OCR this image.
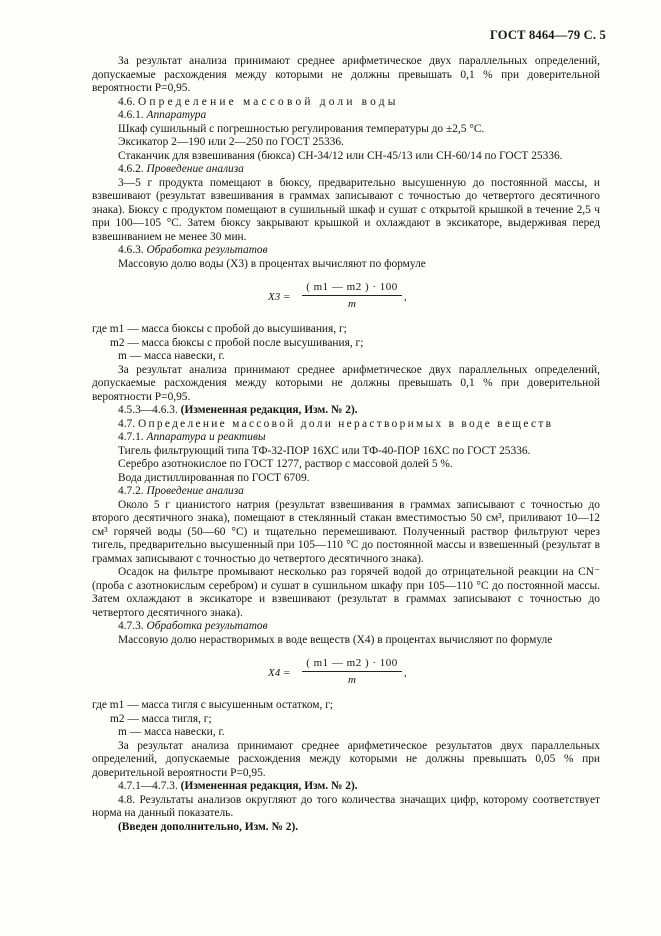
ГОСТ 8464—79 С. 5

За результат анализа принимают среднее арифметическое двух параллельных определений, допускаемые расхождения между которыми не должны превышать 0,1 % при доверительной вероятности P=0,95.

4.6. Определение массовой доли воды

4.6.1. Аппаратура

Шкаф сушильный с погрешностью регулирования температуры до ±2,5 °С.

Эксикатор 2—190 или 2—250 по ГОСТ 25336.

Стаканчик для взвешивания (бюкса) СН-34/12 или СН-45/13 или СН-60/14 по ГОСТ 25336.

4.6.2. Проведение анализа

3—5 г продукта помещают в бюксу, предварительно высушенную до постоянной массы, и взвешивают (результат взвешивания в граммах записывают с точностью до четвертого десятичного знака). Бюксу с продуктом помещают в сушильный шкаф и сушат с открытой крышкой в течение 2,5 ч при 100—105 °С. Затем бюксу закрывают крышкой и охлаждают в эксикаторе, выдерживая перед взвешиванием не менее 30 мин.

4.6.3. Обработка результатов

Массовую долю воды (X3) в процентах вычисляют по формуле

X3 =
( m1 — m2 ) · 100
m
,

где m1 — масса бюксы с пробой до высушивания, г;

m2 — масса бюксы с пробой после высушивания, г;

m — масса навески, г.

За результат анализа принимают среднее арифметическое двух параллельных определений, допускаемые расхождения между которыми не должны превышать 0,1 % при доверительной вероятности P=0,95.

4.5.3—4.6.3. (Измененная редакция, Изм. № 2).

4.7. Определение массовой доли нерастворимых в воде веществ

4.7.1. Аппаратура и реактивы

Тигель фильтрующий типа ТФ-32-ПОР 16ХС или ТФ-40-ПОР 16ХС по ГОСТ 25336.

Серебро азотнокислое по ГОСТ 1277, раствор с массовой долей 5 %.

Вода дистиллированная по ГОСТ 6709.

4.7.2. Проведение анализа

Около 5 г цианистого натрия (результат взвешивания в граммах записывают с точностью до второго десятичного знака), помещают в стеклянный стакан вместимостью 50 см³, приливают 10—12 см³ горячей воды (50—60 °С) и тщательно перемешивают. Полученный раствор фильтруют через тигель, предварительно высушенный при 105—110 °С до постоянной массы и взвешенный (результат в граммах записывают с точностью до четвертого десятичного знака).

Осадок на фильтре промывают несколько раз горячей водой до отрицательной реакции на CN⁻ (проба с азотнокислым серебром) и сушат в сушильном шкафу при 105—110 °С до постоянной массы. Затем охлаждают в эксикаторе и взвешивают (результат в граммах записывают с точностью до четвертого десятичного знака).

4.7.3. Обработка результатов

Массовую долю нерастворимых в воде веществ (X4) в процентах вычисляют по формуле

X4 =
( m1 — m2 ) · 100
m
,

где m1 — масса тигля с высушенным остатком, г;

m2 — масса тигля, г;

m — масса навески, г.

За результат анализа принимают среднее арифметическое результатов двух параллельных определений, допускаемые расхождения между которыми не должны превышать 0,05 % при доверительной вероятности P=0,95.

4.7.1—4.7.3. (Измененная редакция, Изм. № 2).

4.8. Результаты анализов округляют до того количества значащих цифр, которому соответствует норма на данный показатель.

(Введен дополнительно, Изм. № 2).
